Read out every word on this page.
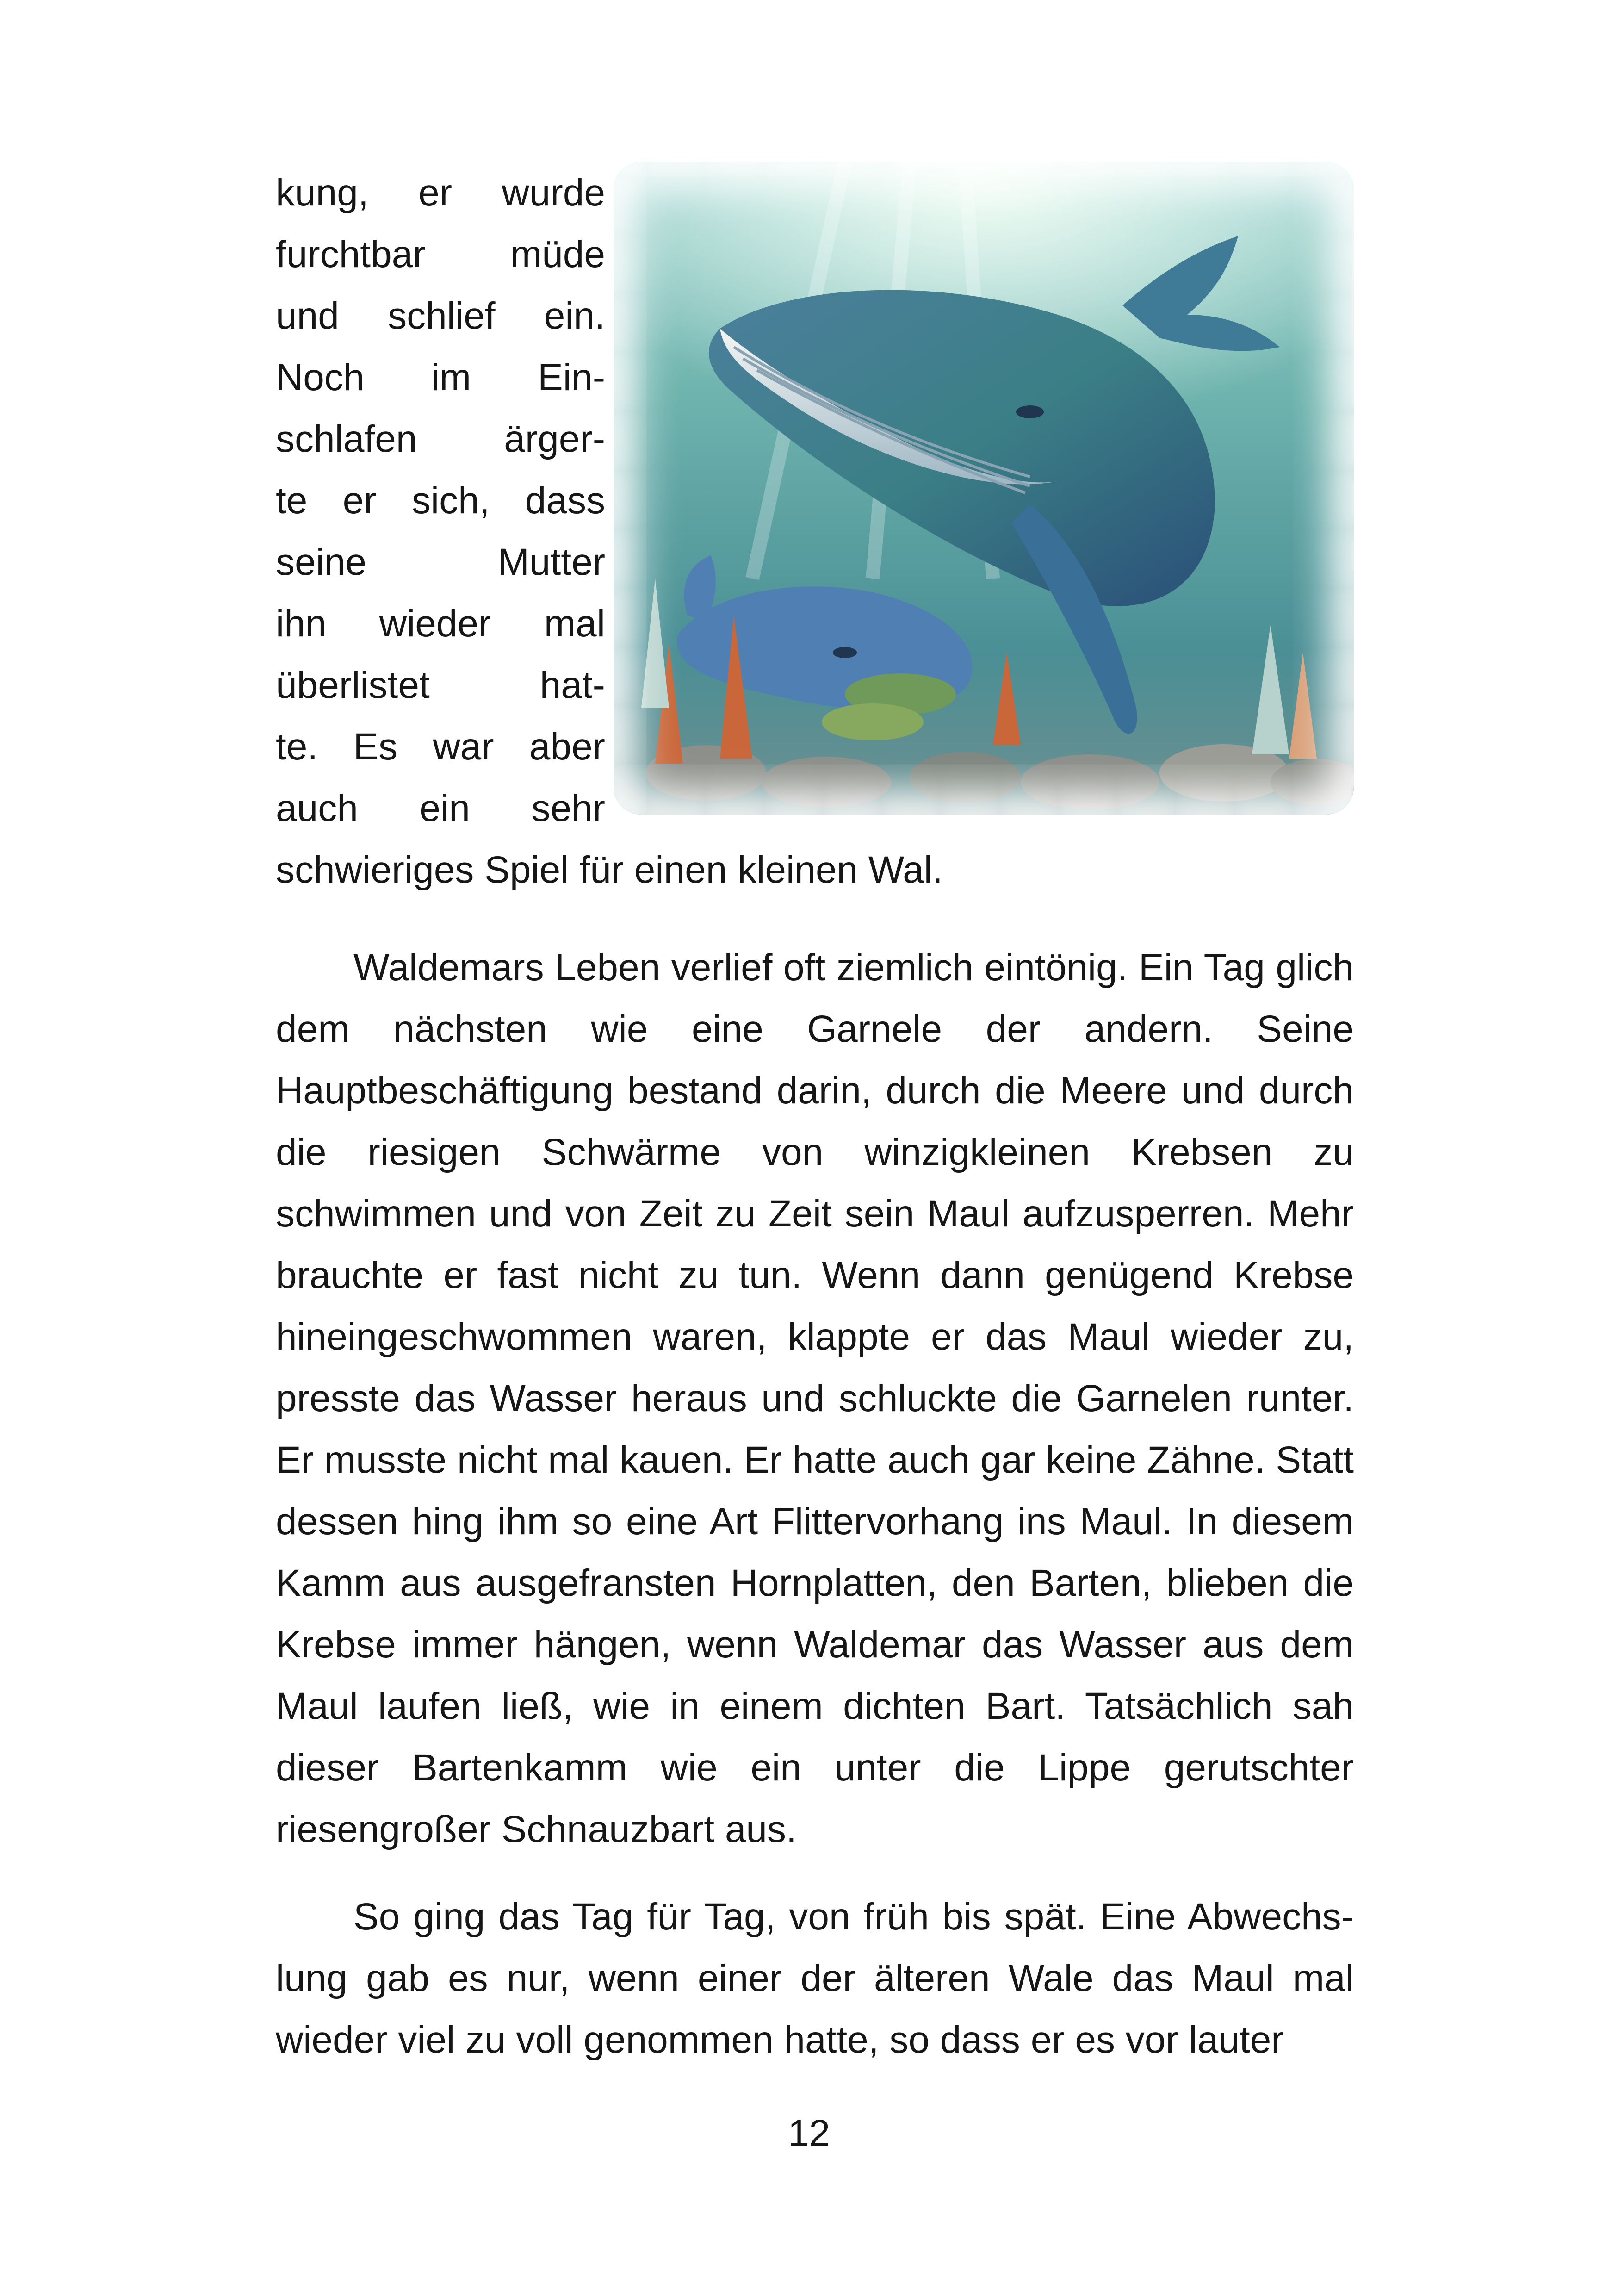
kung, er wurde
furchtbar müde
und schlief ein.
Noch im Ein-
schlafen ärger-
te er sich, dass
seine Mutter
ihn wieder mal
überlistet hat-
te. Es war aber
auch ein sehr

schwieriges Spiel für einen kleinen Wal.

Waldemars Leben verlief oft ziemlich eintönig. Ein Tag glich dem nächsten wie eine Garnele der andern. Seine Hauptbeschäftigung bestand darin, durch die Meere und durch die riesigen Schwärme von winzigkleinen Krebsen zu schwimmen und von Zeit zu Zeit sein Maul aufzusperren. Mehr brauchte er fast nicht zu tun. Wenn dann genügend Krebse hineingeschwommen waren, klappte er das Maul wieder zu, presste das Wasser heraus und schluckte die Garnelen runter. Er musste nicht mal kauen. Er hatte auch gar keine Zähne. Statt dessen hing ihm so eine Art Flittervorhang ins Maul. In diesem Kamm aus ausgefransten Hornplatten, den Barten, blieben die Krebse immer hängen, wenn Waldemar das Wasser aus dem Maul laufen ließ, wie in einem dichten Bart. Tatsächlich sah dieser Bartenkamm wie ein unter die Lippe gerutschter riesengroßer Schnauzbart aus.

So ging das Tag für Tag, von früh bis spät. Eine Abwechslung gab es nur, wenn einer der älteren Wale das Maul mal wieder viel zu voll genommen hatte, so dass er es vor lauter

12
